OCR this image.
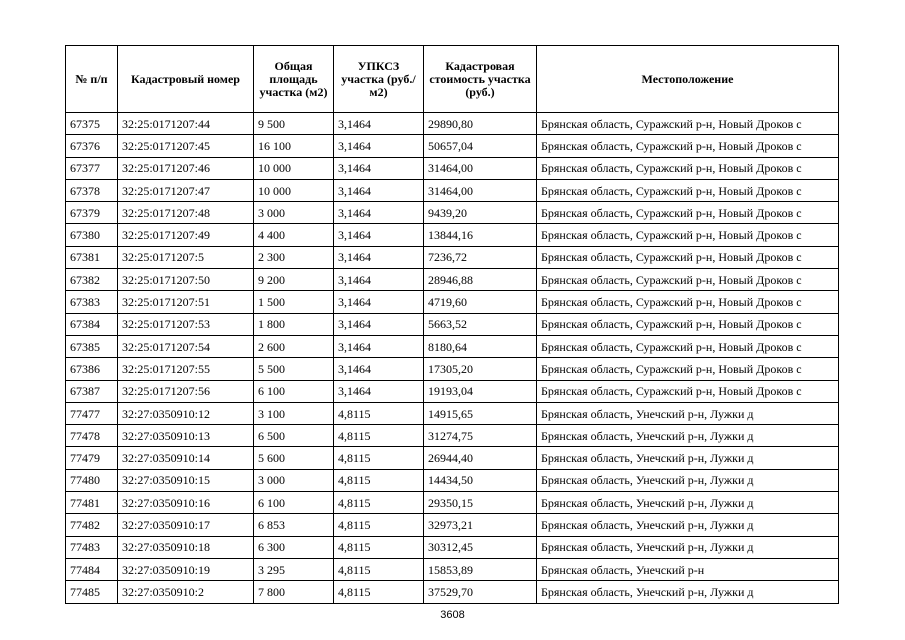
№ п/п	Кадастровый номер	Общая площадь участка (м2)	УПКСЗ участка (руб./м2)	Кадастровая стоимость участка (руб.)	Местоположение
67375	32:25:0171207:44	9 500	3,1464	29890,80	Брянская область, Суражский р-н, Новый Дроков с
67376	32:25:0171207:45	16 100	3,1464	50657,04	Брянская область, Суражский р-н, Новый Дроков с
67377	32:25:0171207:46	10 000	3,1464	31464,00	Брянская область, Суражский р-н, Новый Дроков с
67378	32:25:0171207:47	10 000	3,1464	31464,00	Брянская область, Суражский р-н, Новый Дроков с
67379	32:25:0171207:48	3 000	3,1464	9439,20	Брянская область, Суражский р-н, Новый Дроков с
67380	32:25:0171207:49	4 400	3,1464	13844,16	Брянская область, Суражский р-н, Новый Дроков с
67381	32:25:0171207:5	2 300	3,1464	7236,72	Брянская область, Суражский р-н, Новый Дроков с
67382	32:25:0171207:50	9 200	3,1464	28946,88	Брянская область, Суражский р-н, Новый Дроков с
67383	32:25:0171207:51	1 500	3,1464	4719,60	Брянская область, Суражский р-н, Новый Дроков с
67384	32:25:0171207:53	1 800	3,1464	5663,52	Брянская область, Суражский р-н, Новый Дроков с
67385	32:25:0171207:54	2 600	3,1464	8180,64	Брянская область, Суражский р-н, Новый Дроков с
67386	32:25:0171207:55	5 500	3,1464	17305,20	Брянская область, Суражский р-н, Новый Дроков с
67387	32:25:0171207:56	6 100	3,1464	19193,04	Брянская область, Суражский р-н, Новый Дроков с
77477	32:27:0350910:12	3 100	4,8115	14915,65	Брянская область, Унечский р-н, Лужки д
77478	32:27:0350910:13	6 500	4,8115	31274,75	Брянская область, Унечский р-н, Лужки д
77479	32:27:0350910:14	5 600	4,8115	26944,40	Брянская область, Унечский р-н, Лужки д
77480	32:27:0350910:15	3 000	4,8115	14434,50	Брянская область, Унечский р-н, Лужки д
77481	32:27:0350910:16	6 100	4,8115	29350,15	Брянская область, Унечский р-н, Лужки д
77482	32:27:0350910:17	6 853	4,8115	32973,21	Брянская область, Унечский р-н, Лужки д
77483	32:27:0350910:18	6 300	4,8115	30312,45	Брянская область, Унечский р-н, Лужки д
77484	32:27:0350910:19	3 295	4,8115	15853,89	Брянская область, Унечский р-н
77485	32:27:0350910:2	7 800	4,8115	37529,70	Брянская область, Унечский р-н, Лужки д
3608
